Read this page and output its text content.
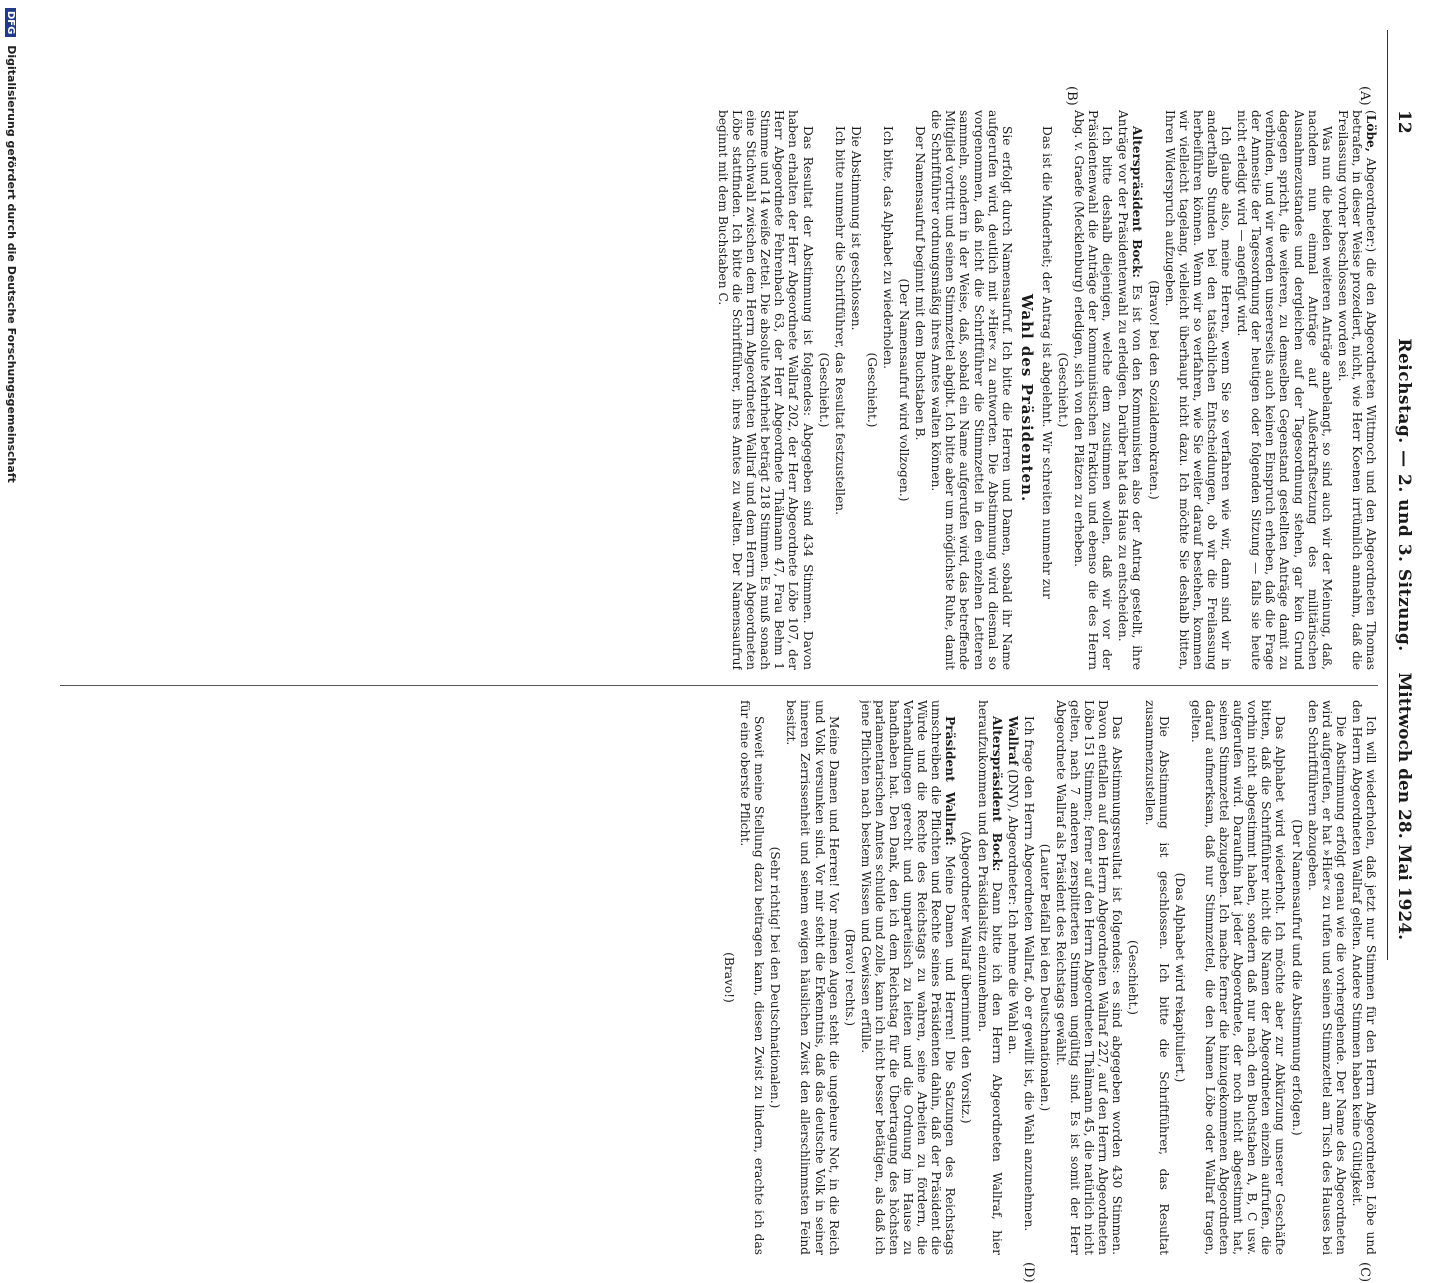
12
Reichstag. — 2. und 3. Sitzung.
Mittwoch den 28. Mai 1924.
(A)
(B)
(C)
(D)

(Löbe, Abgeordneter:) die den Abgeordneten Wittmoch und den Abgeordneten Thomas betrafen, in dieser Weise prozediert, nicht, wie Herr Koenen irrtümlich annahm, daß die Freilassung vorher beschlossen worden sei.

Was nun die beiden weiteren Anträge anbelangt, so sind auch wir der Meinung, daß, nachdem nun einmal Anträge auf Außerkraftsetzung des militärischen Ausnahmezustandes und dergleichen auf der Tagesordnung stehen, gar kein Grund dagegen spricht, die weiteren, zu demselben Gegenstand gestellten Anträge damit zu verbinden, und wir werden unsererseits auch keinen Einspruch erheben, daß die Frage der Amnestie der Tagesordnung der heutigen oder folgenden Sitzung — falls sie heute nicht erledigt wird — angefügt wird.

Ich glaube also, meine Herren, wenn Sie so verfahren wie wir, dann sind wir in anderthalb Stunden bei den tatsächlichen Entscheidungen, ob wir die Freilassung herbeiführen können. Wenn wir so verfahren, wie Sie weiter darauf bestehen, kommen wir vielleicht tagelang, vielleicht überhaupt nicht dazu. Ich möchte Sie deshalb bitten, Ihren Widerspruch aufzugeben.

(Bravo! bei den Sozialdemokraten.)

Alterspräsident Bock: Es ist von den Kommunisten also der Antrag gestellt, ihre Anträge vor der Präsidentenwahl zu erledigen. Darüber hat das Haus zu entscheiden.

Ich bitte deshalb diejenigen, welche dem zustimmen wollen, daß wir vor der Präsidentenwahl die Anträge der kommunistischen Fraktion und ebenso die des Herrn Abg. v. Graefe (Mecklenburg) erledigen, sich von den Plätzen zu erheben.

(Geschieht.)

Das ist die Minderheit; der Antrag ist abgelehnt. Wir schreiten nunmehr zur

Wahl des Präsidenten.

Sie erfolgt durch Namensaufruf. Ich bitte die Herren und Damen, sobald ihr Name aufgerufen wird, deutlich mit »Hier« zu antworten. Die Abstimmung wird diesmal so vorgenommen, daß nicht die Schriftführer die Stimmzettel in den einzelnen Letteren sammeln, sondern in der Weise, daß, sobald ein Name aufgerufen wird, das betreffende Mitglied vortritt und seinen Stimmzettel abgibt. Ich bitte aber um möglichste Ruhe, damit die Schriftführer ordnungsmäßig ihres Amtes walten können.

Der Namensaufruf beginnt mit dem Buchstaben B.

(Der Namensaufruf wird vollzogen.)

Ich bitte, das Alphabet zu wiederholen.

(Geschieht.)

Die Abstimmung ist geschlossen.

Ich bitte nunmehr die Schriftführer, das Resultat festzustellen.

(Geschieht.)

Das Resultat der Abstimmung ist folgendes: Abgegeben sind 434 Stimmen. Davon haben erhalten der Herr Abgeordnete Wallraf 202, der Herr Abgeordnete Löbe 107, der Herr Abgeordnete Fehrenbach 63, der Herr Abgeordnete Thälmann 47, Frau Behm 1 Stimme und 14 weiße Zettel. Die absolute Mehrheit beträgt 218 Stimmen. Es muß sonach eine Stichwahl zwischen dem Herrn Abgeordneten Wallraf und dem Herrn Abgeordneten Löbe stattfinden. Ich bitte die Schriftführer, ihres Amtes zu walten. Der Namensaufruf beginnt mit dem Buchstaben C.

Ich will wiederholen, daß jetzt nur Stimmen für den Herrn Abgeordneten Löbe und den Herrn Abgeordneten Wallraf gelten. Andere Stimmen haben keine Gültigkeit.

Die Abstimmung erfolgt genau wie die vorhergehende. Der Name des Abgeordneten wird aufgerufen, er hat »Hier« zu rufen und seinen Stimmzettel am Tisch des Hauses bei den Schriftführern abzugeben.

(Der Namensaufruf und die Abstimmung erfolgen.)

Das Alphabet wird wiederholt. Ich möchte aber zur Abkürzung unserer Geschäfte bitten, daß die Schriftführer nicht die Namen der Abgeordneten einzeln aufrufen, die vorhin nicht abgestimmt haben, sondern daß nur nach den Buchstaben A, B, C usw. aufgerufen wird. Daraufhin hat jeder Abgeordnete, der noch nicht abgestimmt hat, seinen Stimmzettel abzugeben. Ich mache ferner die hinzugekommenen Abgeordneten darauf aufmerksam, daß nur Stimmzettel, die den Namen Löbe oder Wallraf tragen, gelten.

(Das Alphabet wird rekapituliert.)

Die Abstimmung ist geschlossen. Ich bitte die Schriftführer, das Resultat zusammenzustellen.

(Geschieht.)

Das Abstimmungsresultat ist folgendes: es sind abgegeben worden 430 Stimmen. Davon entfallen auf den Herrn Abgeordneten Wallraf 227, auf den Herrn Abgeordneten Löbe 151 Stimmen; ferner auf den Herrn Abgeordneten Thälmann 45, die natürlich nicht gelten, nach 7 anderen zersplitterten Stimmen ungültig sind. Es ist somit der Herr Abgeordnete Wallraf als Präsident des Reichstags gewählt.

(Lauter Beifall bei den Deutschnationalen.)

Ich frage den Herrn Abgeordneten Wallraf, ob er gewillt ist, die Wahl anzunehmen.

Wallraf (DNV), Abgeordneter: Ich nehme die Wahl an.

Alterspräsident Bock: Dann bitte ich den Herrn Abgeordneten Wallraf, hier heraufzukommen und den Präsidialsitz einzunehmen.

(Abgeordneter Wallraf übernimmt den Vorsitz.)

Präsident Wallraf: Meine Damen und Herren! Die Satzungen des Reichstags umschreiben die Pflichten und Rechte seines Präsidenten dahin, daß der Präsident die Würde und die Rechte des Reichstags zu wahren, seine Arbeiten zu fördern, die Verhandlungen gerecht und unparteiisch zu leiten und die Ordnung im Hause zu handhaben hat. Den Dank, den ich dem Reichstag für die Übertragung des höchsten parlamentarischen Amtes schulde und zolle, kann ich nicht besser betätigen, als daß ich jene Pflichten nach bestem Wissen und Gewissen erfülle.

(Bravo! rechts.)

Meine Damen und Herren! Vor meinen Augen steht die ungeheure Not, in die Reich und Volk versunken sind. Vor mir steht die Erkenntnis, daß das deutsche Volk in seiner inneren Zerrissenheit und seinem ewigen häuslichen Zwist den allerschlimmsten Feind besitzt.

(Sehr richtig! bei den Deutschnationalen.)

Soweit meine Stellung dazu beitragen kann, diesen Zwist zu lindern, erachte ich das für eine oberste Pflicht.

(Bravo!)

DFG Digitalisierung gefördert durch die Deutsche Forschungsgemeinschaft
